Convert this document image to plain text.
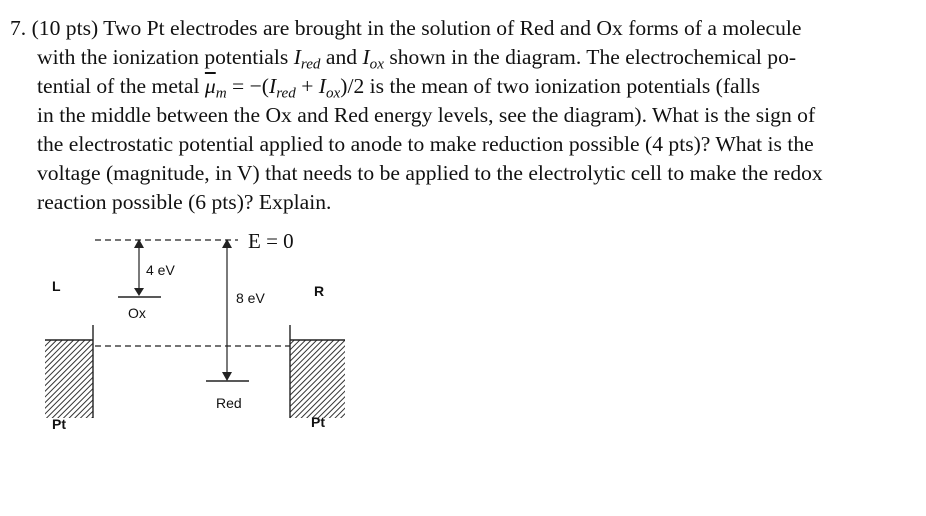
7. (10 pts) Two Pt electrodes are brought in the solution of Red and Ox forms of a molecule
with the ionization potentials $I_{red}$ and $I_{ox}$ shown in the diagram. The electrochemical po-
tential of the metal $\overline{\mu}_m = -(I_{red} + I_{ox})/2$ is the mean of two ionization potentials (falls
in the middle between the Ox and Red energy levels, see the diagram). What is the sign of
the electrostatic potential applied to anode to make reduction possible (4 pts)? What is the
voltage (magnitude, in V) that needs to be applied to the electrolytic cell to make the redox
reaction possible (6 pts)? Explain.
E = 0
4 eV
Ox
8 eV
Red
L
Pt
R
Pt
